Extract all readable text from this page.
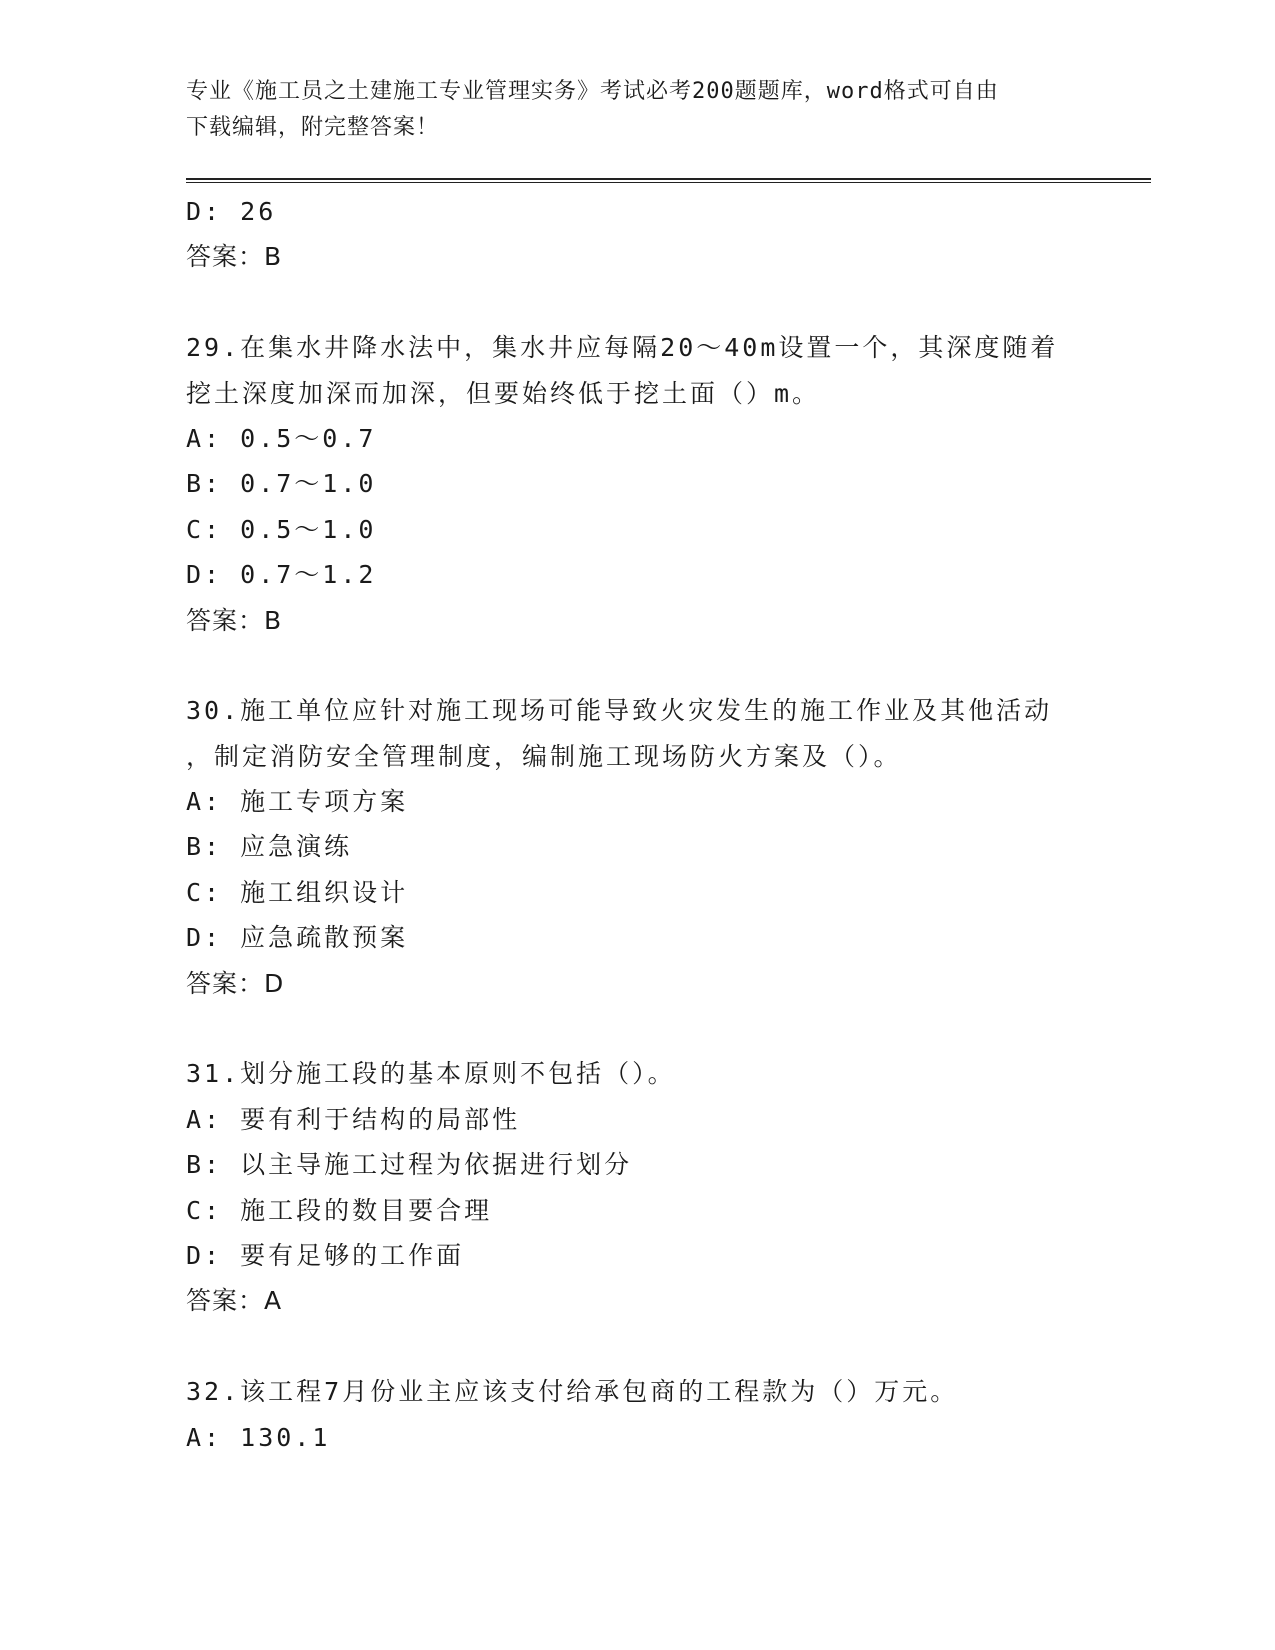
专业《施工员之土建施工专业管理实务》考试必考200题题库，word格式可自由
下载编辑，附完整答案！
D: 26
答案：B
29.在集水井降水法中，集水井应每隔20～40m设置一个，其深度随着
挖土深度加深而加深，但要始终低于挖土面（）m。
A: 0.5～0.7
B: 0.7～1.0
C: 0.5～1.0
D: 0.7～1.2
答案：B
30.施工单位应针对施工现场可能导致火灾发生的施工作业及其他活动
，制定消防安全管理制度，编制施工现场防火方案及（）。
A: 施工专项方案
B: 应急演练
C: 施工组织设计
D: 应急疏散预案
答案：D
31.划分施工段的基本原则不包括（）。
A: 要有利于结构的局部性
B: 以主导施工过程为依据进行划分
C: 施工段的数目要合理
D: 要有足够的工作面
答案：A
32.该工程7月份业主应该支付给承包商的工程款为（）万元。
A: 130.1
